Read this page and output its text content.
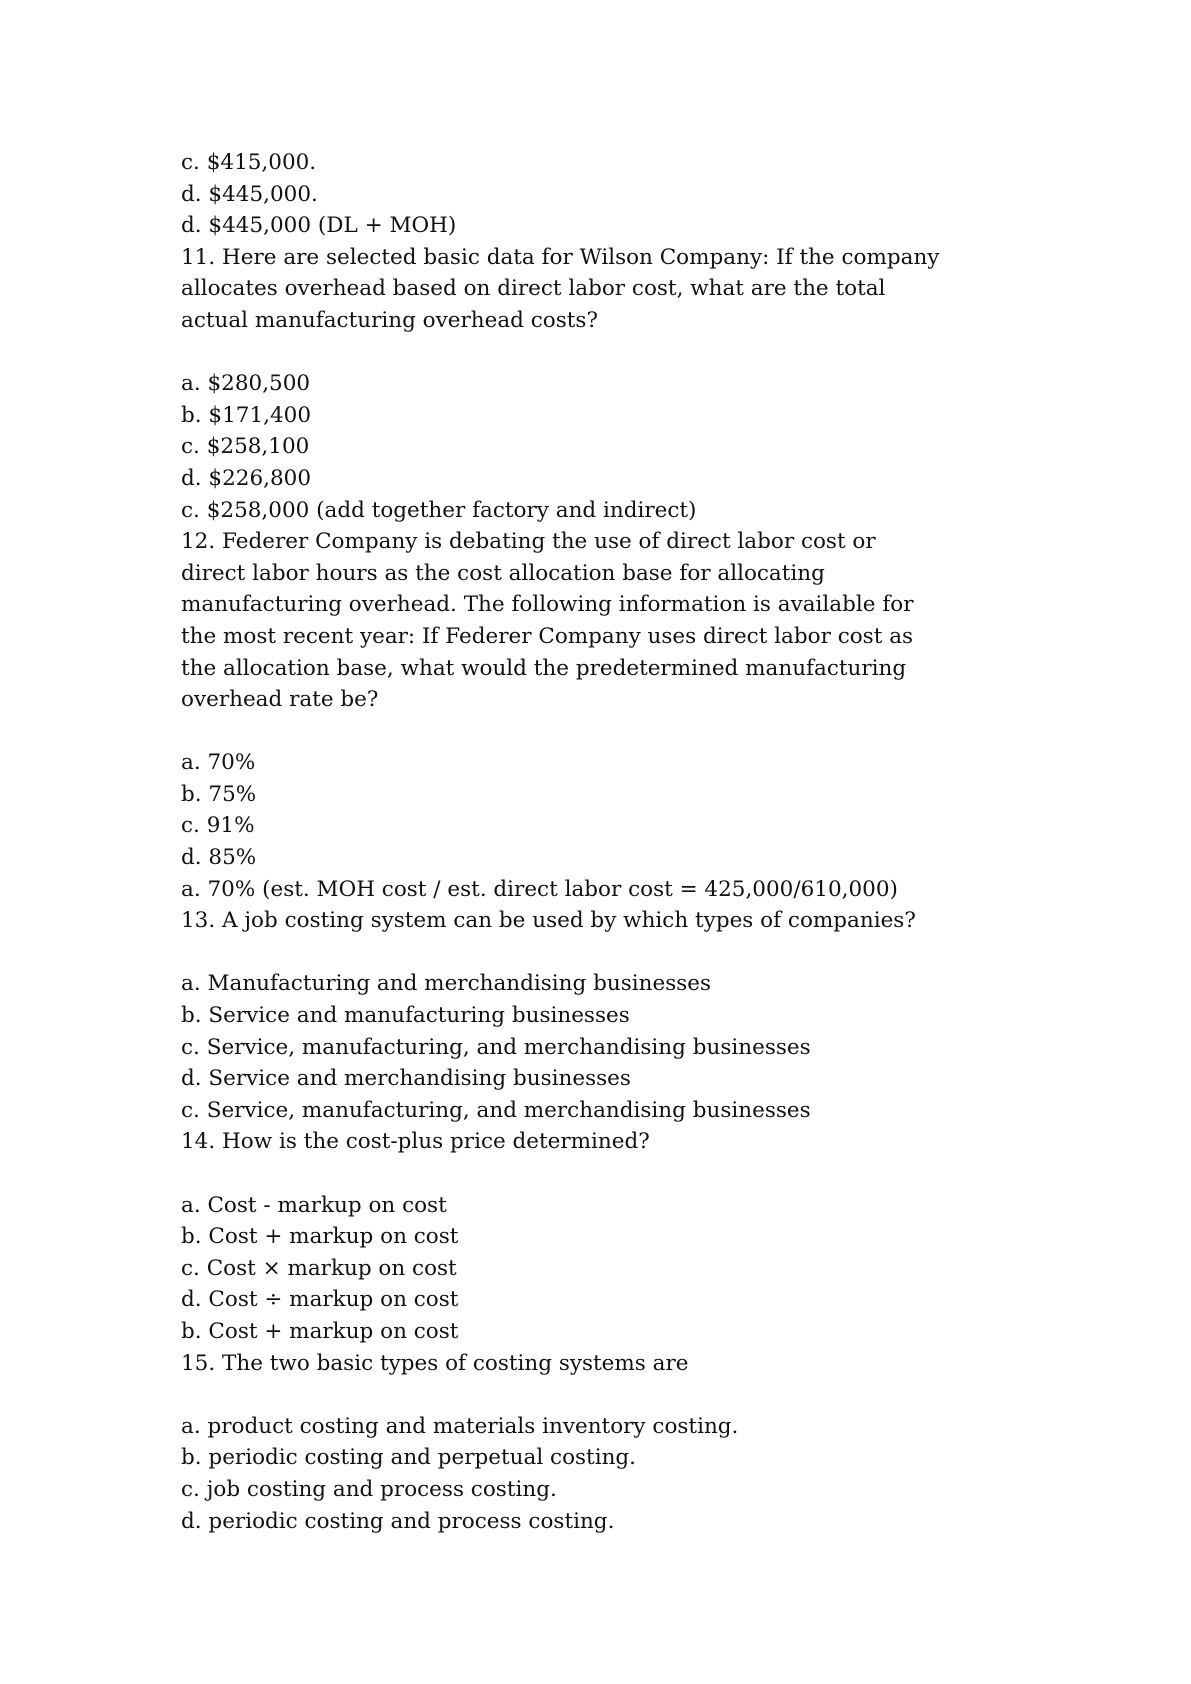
c. $415,000.
d. $445,000.
d. $445,000 (DL + MOH)
11. Here are selected basic data for Wilson Company: If the company
allocates overhead based on direct labor cost, what are the total
actual manufacturing overhead costs?
a. $280,500
b. $171,400
c. $258,100
d. $226,800
c. $258,000 (add together factory and indirect)
12. Federer Company is debating the use of direct labor cost or
direct labor hours as the cost allocation base for allocating
manufacturing overhead. The following information is available for
the most recent year: If Federer Company uses direct labor cost as
the allocation base, what would the predetermined manufacturing
overhead rate be?
a. 70%
b. 75%
c. 91%
d. 85%
a. 70% (est. MOH cost / est. direct labor cost = 425,000/610,000)
13. A job costing system can be used by which types of companies?
a. Manufacturing and merchandising businesses
b. Service and manufacturing businesses
c. Service, manufacturing, and merchandising businesses
d. Service and merchandising businesses
c. Service, manufacturing, and merchandising businesses
14. How is the cost-plus price determined?
a. Cost - markup on cost
b. Cost + markup on cost
c. Cost × markup on cost
d. Cost ÷ markup on cost
b. Cost + markup on cost
15. The two basic types of costing systems are
a. product costing and materials inventory costing.
b. periodic costing and perpetual costing.
c. job costing and process costing.
d. periodic costing and process costing.
